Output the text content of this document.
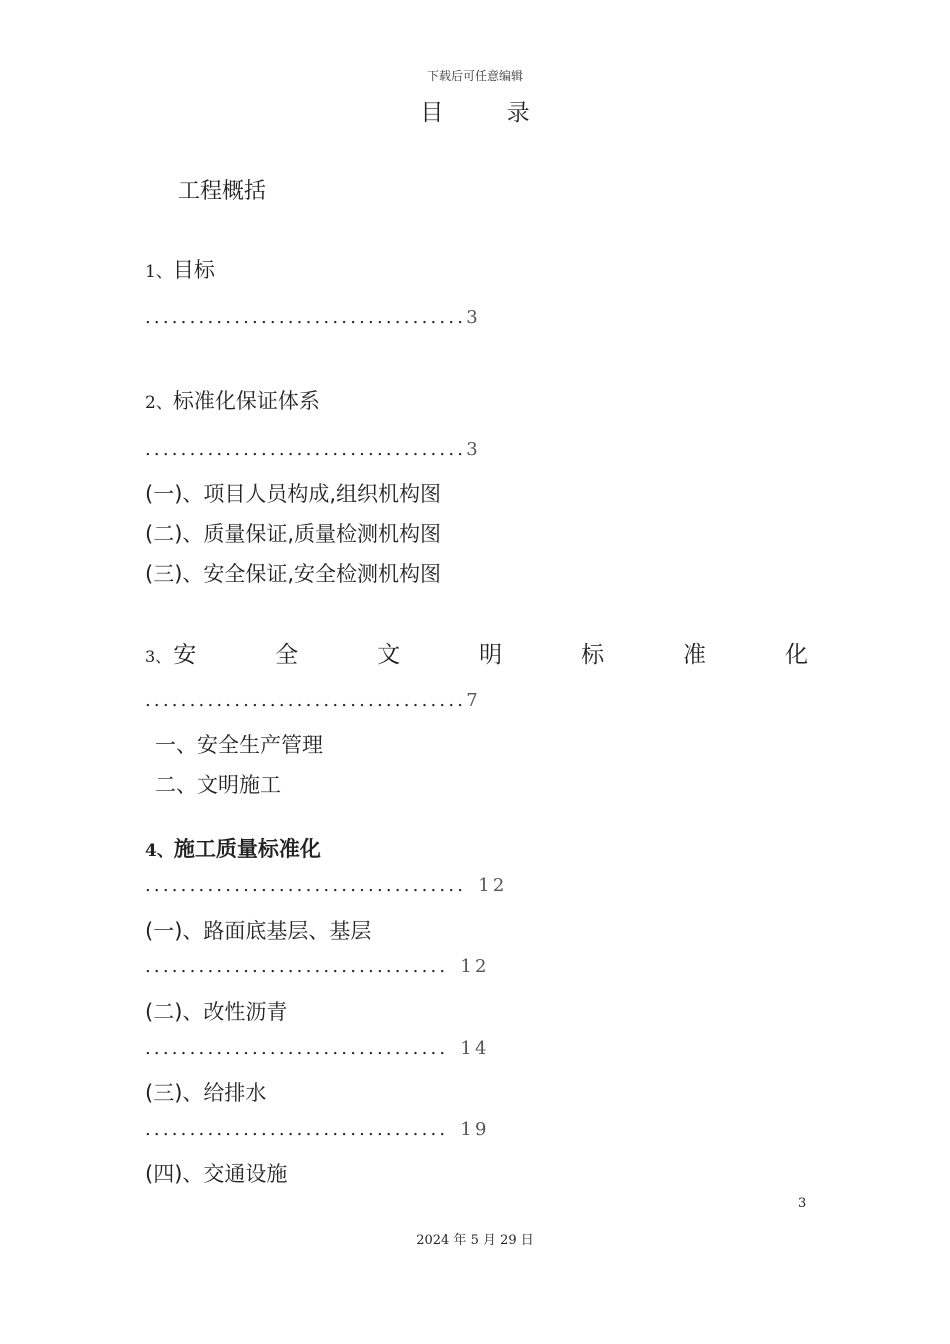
下载后可任意编辑
目 录
工程概括
1、目标
....................................3
2、标准化保证体系
....................................3
(一)、项目人员构成,组织机构图
(二)、质量保证,质量检测机构图
(三)、安全保证,安全检测机构图
3、安	全	文	明	标	准	化
....................................7
一、安全生产管理
二、文明施工
4、施工质量标准化
.................................... 12
(一)、路面底基层、基层
.................................. 12
(二)、改性沥青
.................................. 14
(三)、给排水
.................................. 19
(四)、交通设施
3
2024 年 5 月 29 日
